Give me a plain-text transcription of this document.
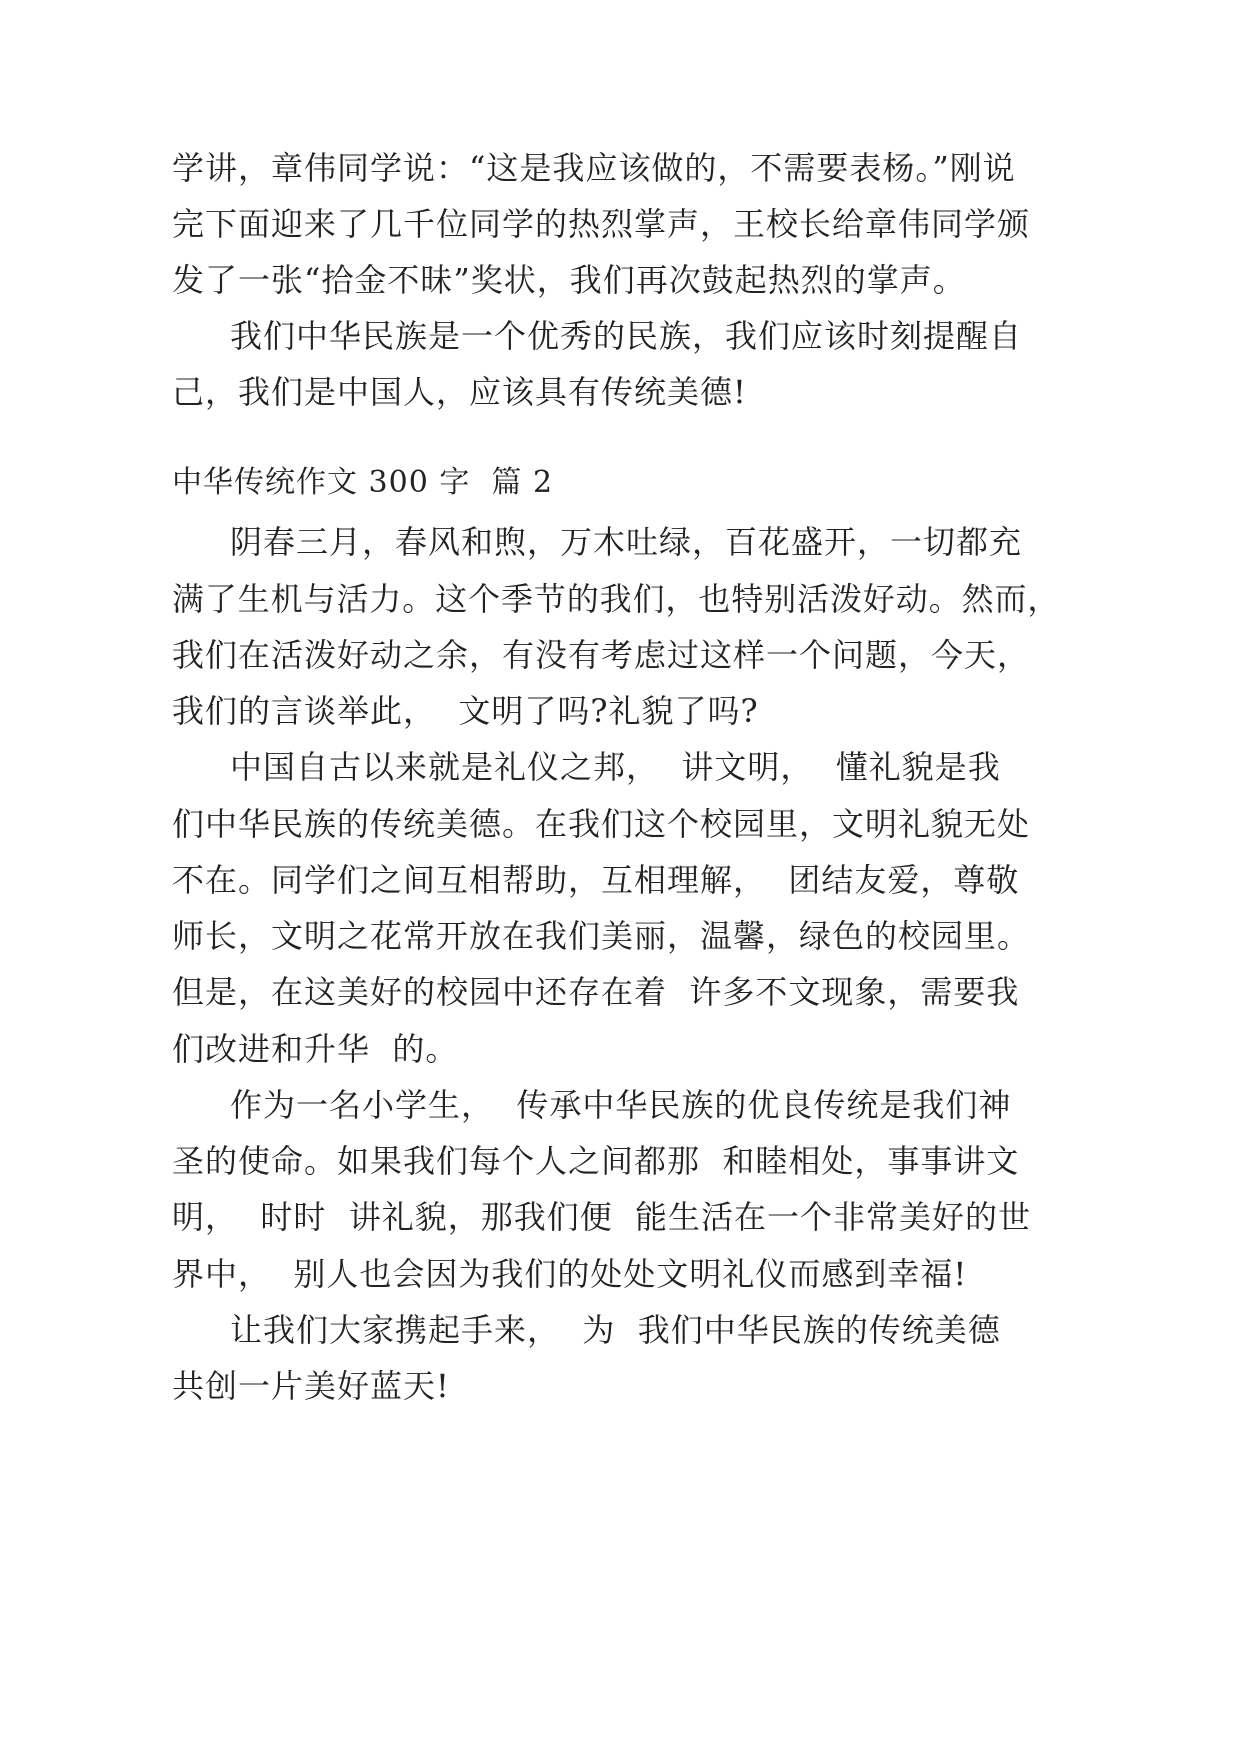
学讲，章伟同学说：“这是我应该做的，不需要表杨。”刚说
完下面迎来了几千位同学的热烈掌声，王校长给章伟同学颁
发了一张“拾金不昧”奖状，我们再次鼓起热烈的掌声。
我们中华民族是一个优秀的民族，我们应该时刻提醒自
己，我们是中国人，应该具有传统美德!
中华传统作文 300 字  篇 2
阴春三月，春风和煦，万木吐绿，百花盛开，一切都充
满了生机与活力。这个季节的我们，也特别活泼好动。然而，
我们在活泼好动之余，有没有考虑过这样一个问题，今天，
我们的言谈举此，  文明了吗?礼貌了吗?
中国自古以来就是礼仪之邦，  讲文明，  懂礼貌是我
们中华民族的传统美德。在我们这个校园里，文明礼貌无处
不在。同学们之间互相帮助，互相理解，  团结友爱，尊敬
师长，文明之花常开放在我们美丽，温馨，绿色的校园里。
但是，在这美好的校园中还存在着  许多不文现象，需要我
们改进和升华  的。
作为一名小学生，  传承中华民族的优良传统是我们神
圣的使命。如果我们每个人之间都那  和睦相处，事事讲文
明，  时时  讲礼貌，那我们便  能生活在一个非常美好的世
界中，  别人也会因为我们的处处文明礼仪而感到幸福!
让我们大家携起手来，  为  我们中华民族的传统美德
共创一片美好蓝天!
